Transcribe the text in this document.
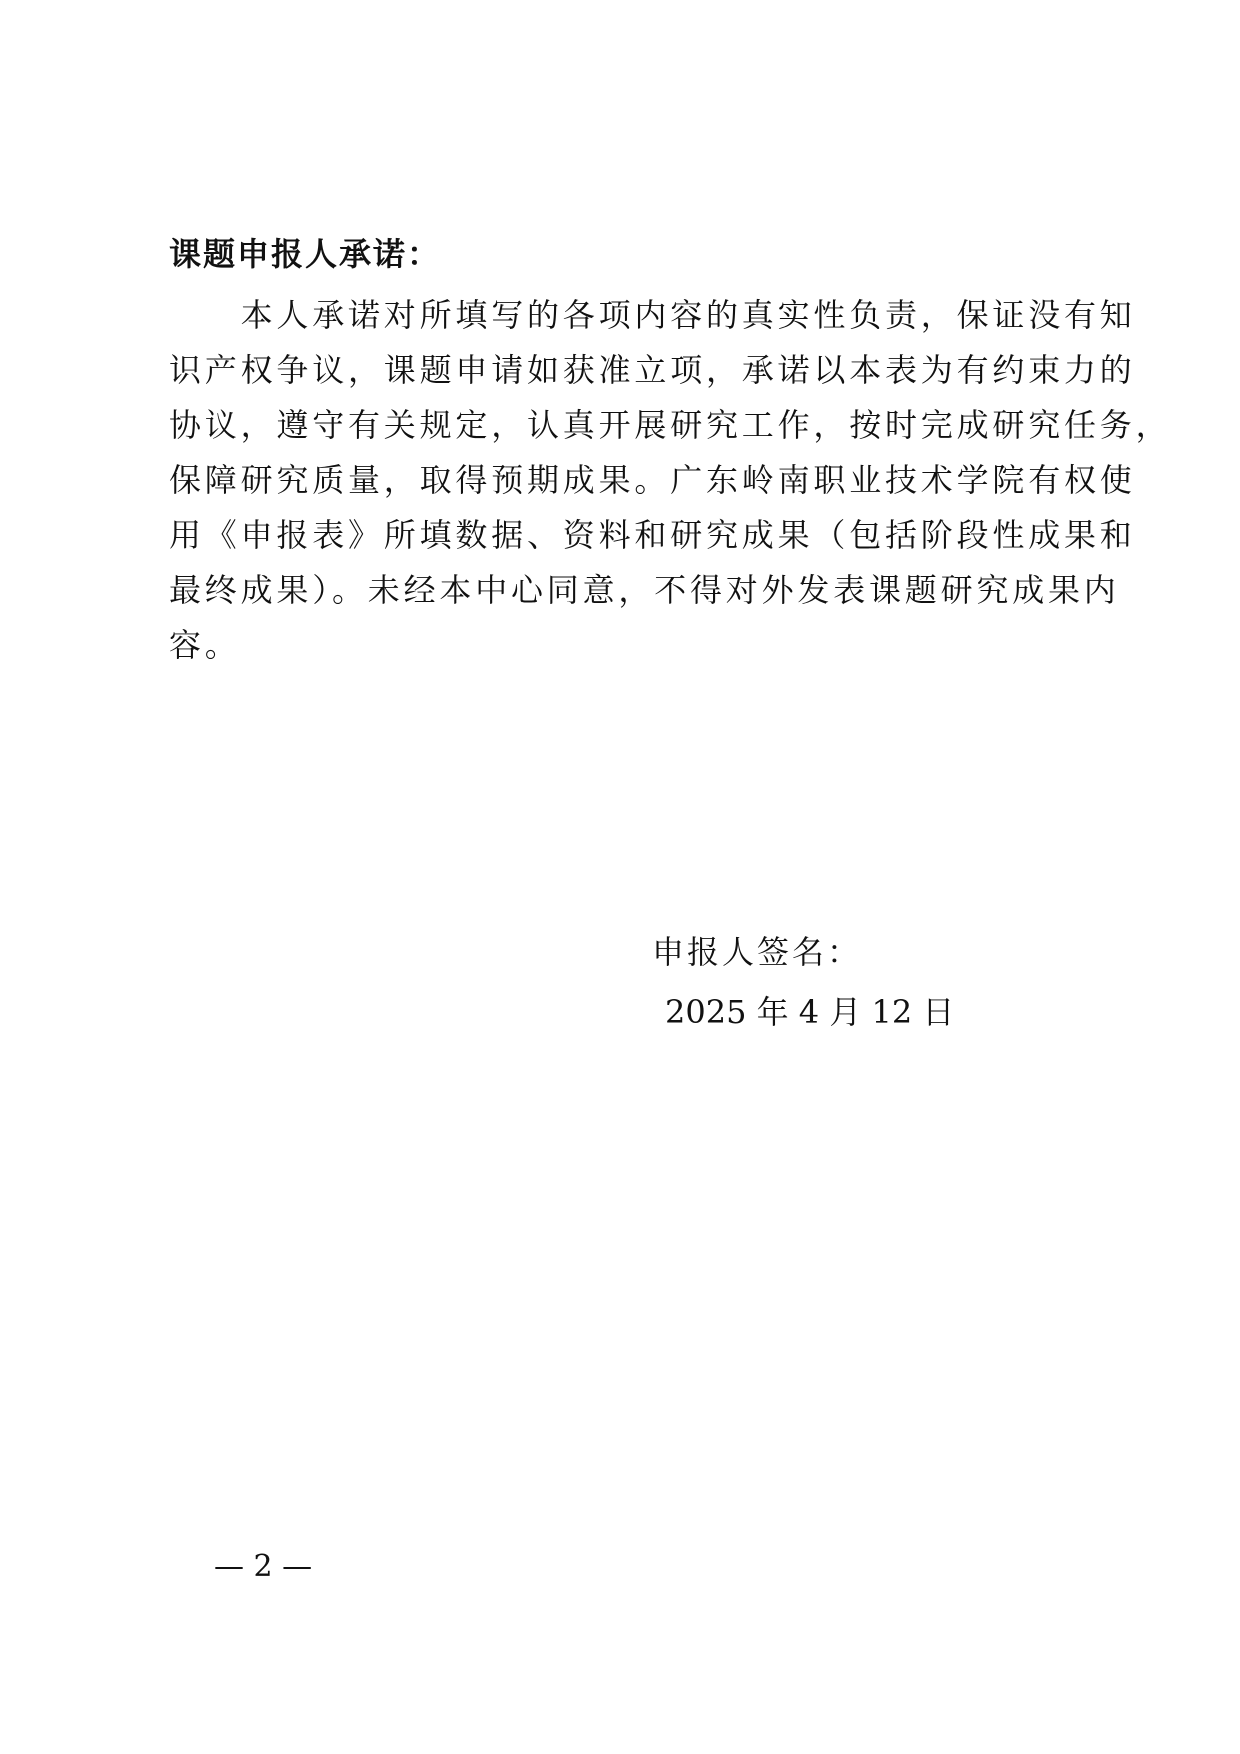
课题申报人承诺：
　　本人承诺对所填写的各项内容的真实性负责，保证没有知
识产权争议，课题申请如获准立项，承诺以本表为有约束力的
协议，遵守有关规定，认真开展研究工作，按时完成研究任务，
保障研究质量，取得预期成果。广东岭南职业技术学院有权使
用《申报表》所填数据、资料和研究成果（包括阶段性成果和
最终成果）。未经本中心同意，不得对外发表课题研究成果内
容。
申报人签名：
2025 年 4 月 12 日
— 2 —
